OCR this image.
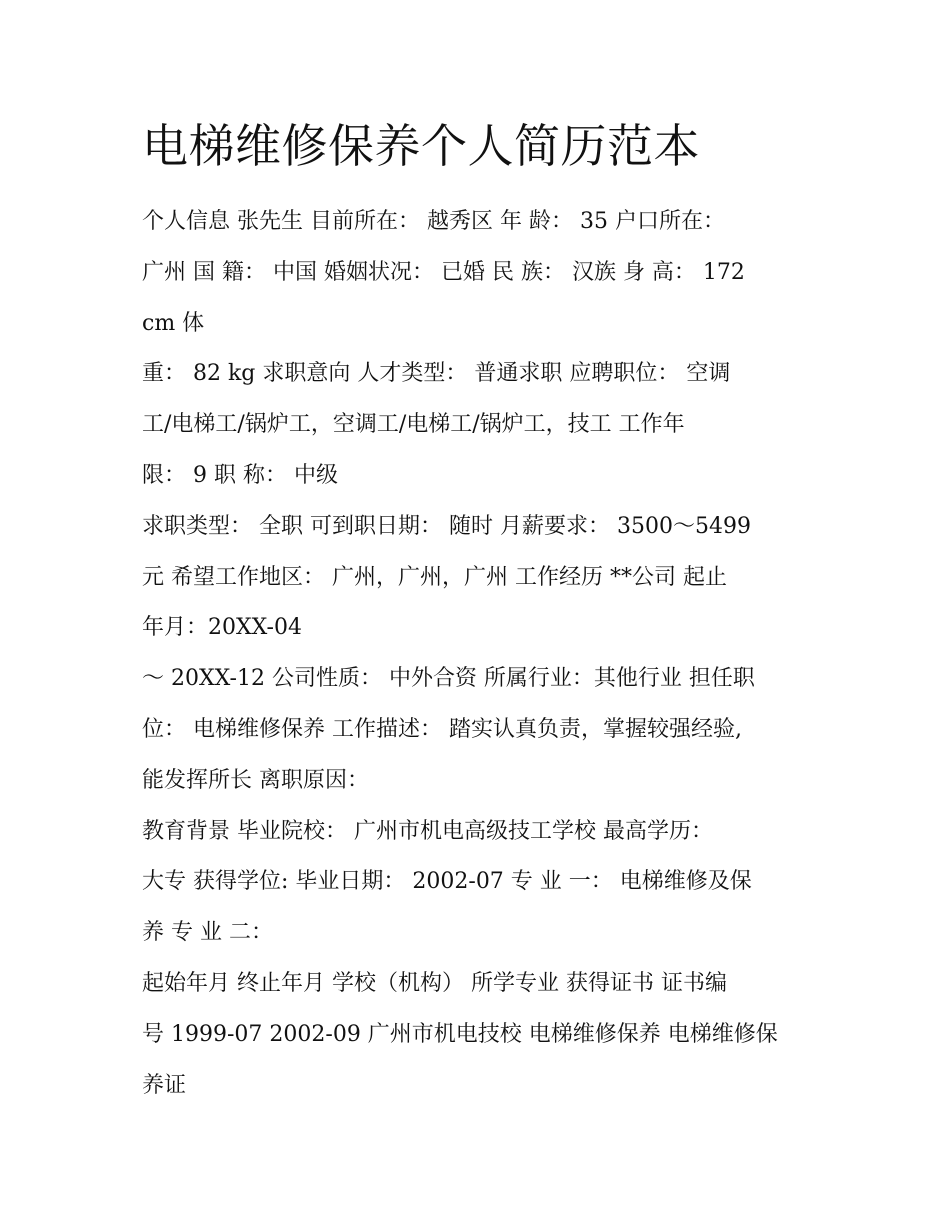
电梯维修保养个人简历范本
个人信息 张先生 目前所在： 越秀区 年 龄： 35 户口所在：
广州 国 籍： 中国 婚姻状况： 已婚 民 族： 汉族 身 高： 172
cm 体
重： 82 kg 求职意向 人才类型： 普通求职 应聘职位： 空调
工/电梯工/锅炉工，空调工/电梯工/锅炉工，技工 工作年
限： 9 职 称： 中级
求职类型： 全职 可到职日期： 随时 月薪要求： 3500～5499
元 希望工作地区： 广州，广州，广州 工作经历 **公司 起止
年月：20XX-04
～ 20XX-12 公司性质： 中外合资 所属行业：其他行业 担任职
位： 电梯维修保养 工作描述： 踏实认真负责，掌握较强经验,
能发挥所长 离职原因：
教育背景 毕业院校： 广州市机电高级技工学校 最高学历：
大专 获得学位: 毕业日期： 2002-07 专 业 一： 电梯维修及保
养 专 业 二：
起始年月 终止年月 学校（机构） 所学专业 获得证书 证书编
号 1999-07 2002-09 广州市机电技校 电梯维修保养 电梯维修保
养证
